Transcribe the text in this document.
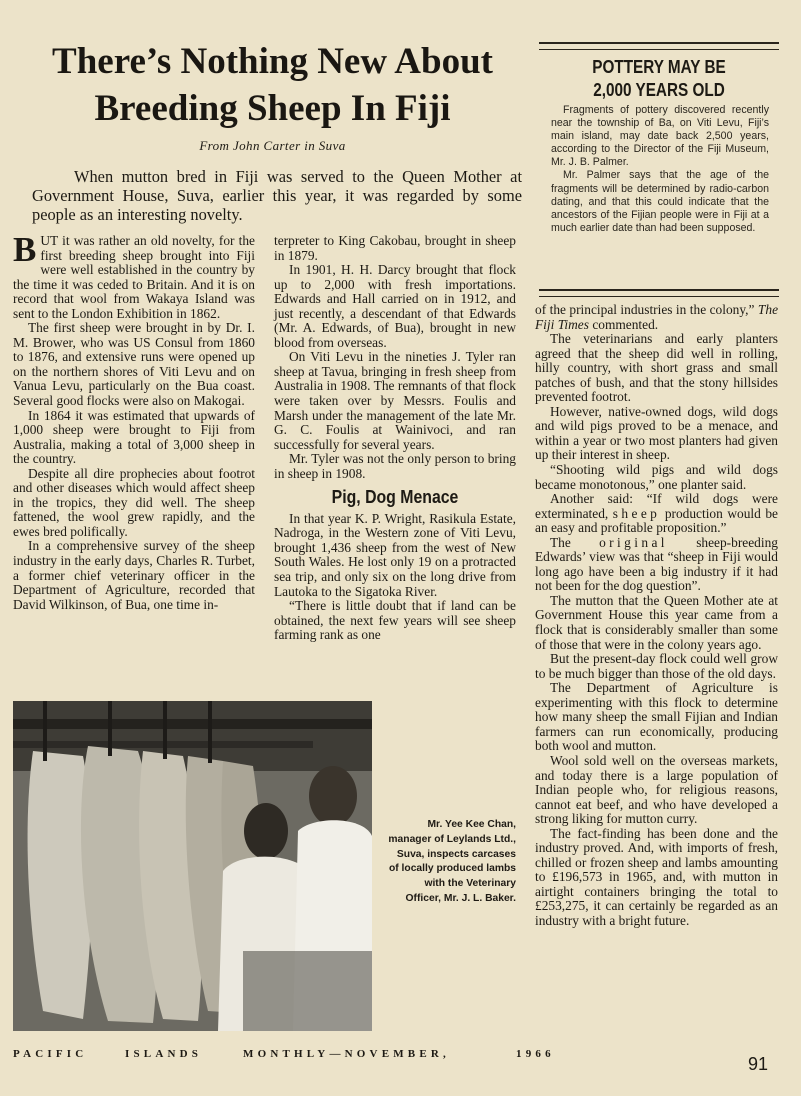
There’s Nothing New About
Breeding Sheep In Fiji
From John Carter in Suva
When mutton bred in Fiji was served to the Queen Mother at Government House, Suva, earlier this year, it was regarded by some people as an interesting novelty.

BUT it was rather an old novelty, for the first breeding sheep brought into Fiji were well established in the country by the time it was ceded to Britain. And it is on record that wool from Wakaya Island was sent to the London Exhibition in 1862.

The first sheep were brought in by Dr. I. M. Brower, who was US Consul from 1860 to 1876, and extensive runs were opened up on the northern shores of Viti Levu and on Vanua Levu, particularly on the Bua coast. Several good flocks were also on Makogai.

In 1864 it was estimated that upwards of 1,000 sheep were brought to Fiji from Australia, making a total of 3,000 sheep in the country.

Despite all dire prophecies about footrot and other diseases which would affect sheep in the tropics, they did well. The sheep fattened, the wool grew rapidly, and the ewes bred polifically.

In a comprehensive survey of the sheep industry in the early days, Charles R. Turbet, a former chief veterinary officer in the Department of Agriculture, recorded that David Wilkinson, of Bua, one time in-

terpreter to King Cakobau, brought in sheep in 1879.

In 1901, H. H. Darcy brought that flock up to 2,000 with fresh importations. Edwards and Hall carried on in 1912, and just recently, a descendant of that Edwards (Mr. A. Edwards, of Bua), brought in new blood from overseas.

On Viti Levu in the nineties J. Tyler ran sheep at Tavua, bringing in fresh sheep from Australia in 1908. The remnants of that flock were taken over by Messrs. Foulis and Marsh under the management of the late Mr. G. C. Foulis at Wainivoci, and ran successfully for several years.

Mr. Tyler was not the only person to bring in sheep in 1908.

Pig, Dog Menace

In that year K. P. Wright, Rasikula Estate, Nadroga, in the Western zone of Viti Levu, brought 1,436 sheep from the west of New South Wales. He lost only 19 on a protracted sea trip, and only six on the long drive from Lautoka to the Sigatoka River.

“There is little doubt that if land can be obtained, the next few years will see sheep farming rank as one

POTTERY MAY BE
2,000 YEARS OLD

Fragments of pottery discovered recently near the township of Ba, on Viti Levu, Fiji’s main island, may date back 2,500 years, according to the Director of the Fiji Museum, Mr. J. B. Palmer.

Mr. Palmer says that the age of the fragments will be determined by radio-carbon dating, and that this could indicate that the ancestors of the Fijian people were in Fiji at a much earlier date than had been supposed.

of the principal industries in the colony,” The Fiji Times commented.

The veterinarians and early planters agreed that the sheep did well in rolling, hilly country, with short grass and small patches of bush, and that the stony hillsides prevented footrot.

However, native-owned dogs, wild dogs and wild pigs proved to be a menace, and within a year or two most planters had given up their interest in sheep.

“Shooting wild pigs and wild dogs became monotonous,” one planter said.

Another said: “If wild dogs were exterminated, sheep production would be an easy and profitable proposition.”

The original sheep-breeding Edwards’ view was that “sheep in Fiji would long ago have been a big industry if it had not been for the dog question”.

The mutton that the Queen Mother ate at Government House this year came from a flock that is considerably smaller than some of those that were in the colony years ago.

But the present-day flock could well grow to be much bigger than those of the old days.

The Department of Agriculture is experimenting with this flock to determine how many sheep the small Fijian and Indian farmers can run economically, producing both wool and mutton.

Wool sold well on the overseas markets, and today there is a large population of Indian people who, for religious reasons, cannot eat beef, and who have developed a strong liking for mutton curry.

The fact-finding has been done and the industry proved. And, with imports of fresh, chilled or frozen sheep and lambs amounting to £196,573 in 1965, and, with mutton in airtight containers bringing the total to £253,275, it can certainly be regarded as an industry with a bright future.

Mr. Yee Kee Chan, manager of Leylands Ltd., Suva, inspects carcases of locally produced lambs with the Veterinary Officer, Mr. J. L. Baker.
PACIFIC	ISLANDS	MONTHLY—NOVEMBER,	1966	91
